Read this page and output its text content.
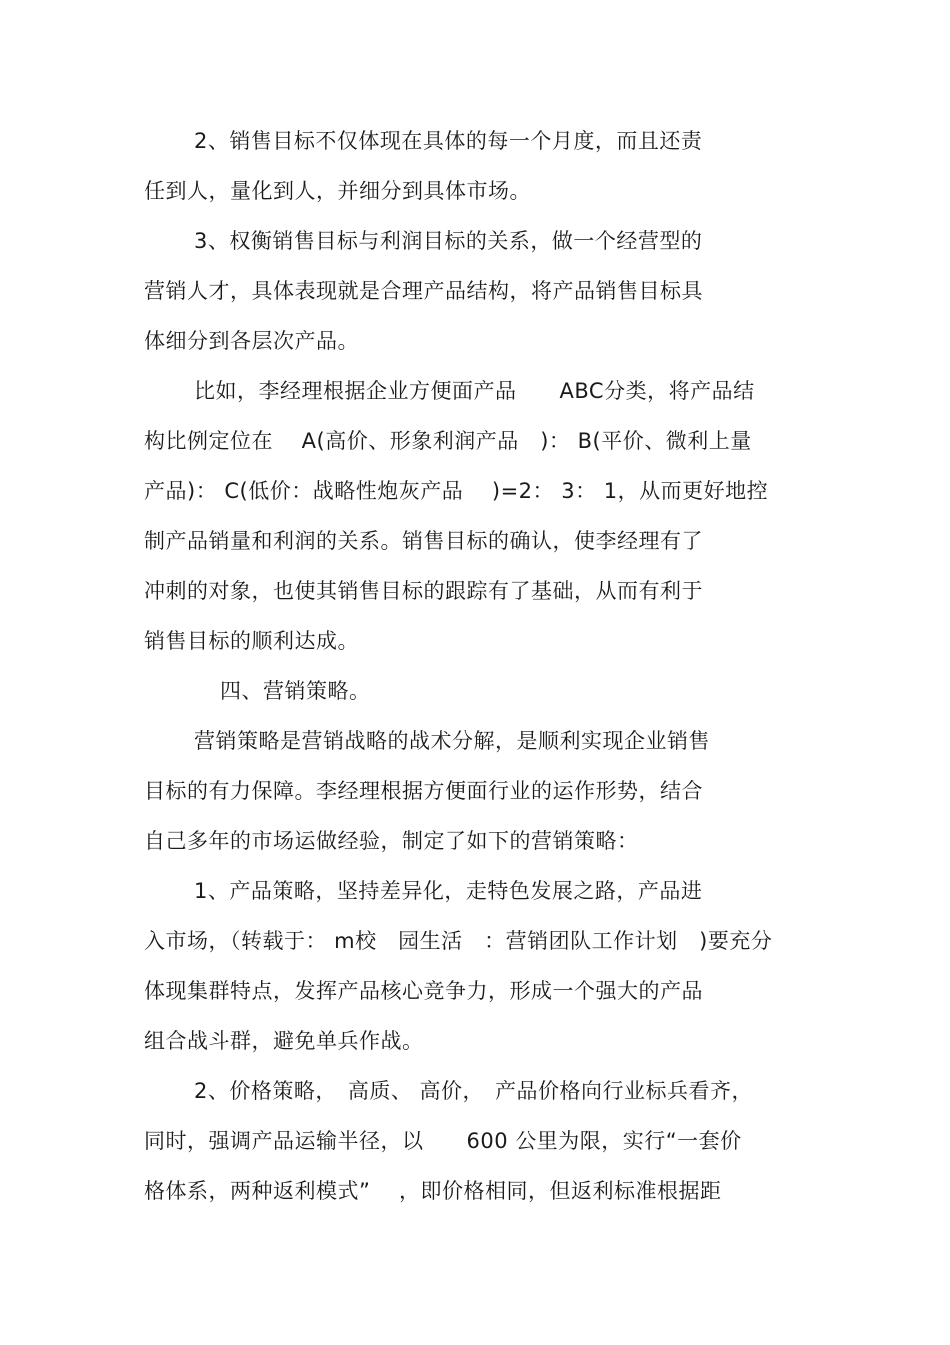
2、销售目标不仅体现在具体的每一个月度，而且还责
任到人，量化到人，并细分到具体市场。
3、权衡销售目标与利润目标的关系，做一个经营型的
营销人才，具体表现就是合理产品结构，将产品销售目标具
体细分到各层次产品。
比如，李经理根据企业方便面产品　　ABC分类，将产品结
构比例定位在　 A(高价、形象利润产品　)： B(平价、微利上量
产品)： C(低价：战略性炮灰产品　 )=2： 3： 1，从而更好地控
制产品销量和利润的关系。销售目标的确认，使李经理有了
冲刺的对象，也使其销售目标的跟踪有了基础，从而有利于
销售目标的顺利达成。
四、营销策略。
营销策略是营销战略的战术分解，是顺利实现企业销售
目标的有力保障。李经理根据方便面行业的运作形势，结合
自己多年的市场运做经验，制定了如下的营销策略：
1、产品策略，坚持差异化，走特色发展之路，产品进
入市场，（转载于： m校　园生活　：营销团队工作计划　)要充分
体现集群特点，发挥产品核心竞争力，形成一个强大的产品
组合战斗群，避免单兵作战。
2、价格策略，　高质、 高价，　产品价格向行业标兵看齐，
同时，强调产品运输半径，以　　600 公里为限，实行“一套价
格体系，两种返利模式”　 ，即价格相同，但返利标准根据距
